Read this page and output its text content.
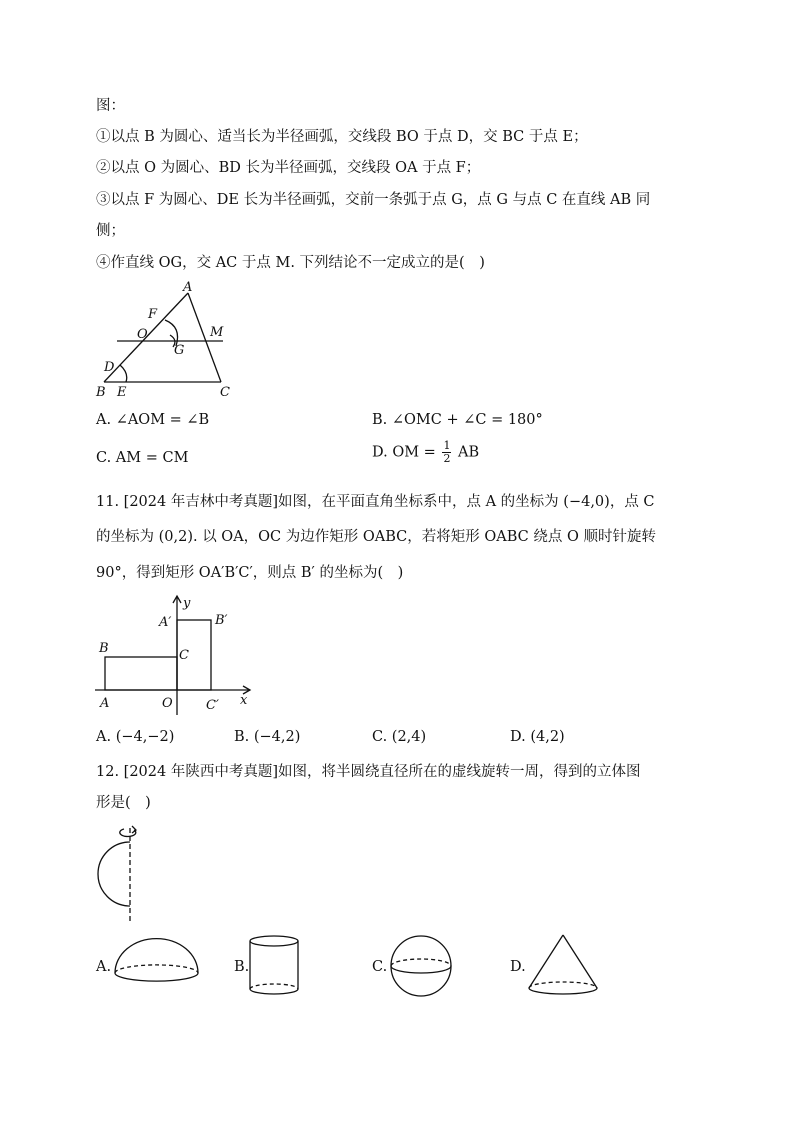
图：
①以点 B 为圆心、适当长为半径画弧，交线段 BO 于点 D，交 BC 于点 E；
②以点 O 为圆心、BD 长为半径画弧，交线段 OA 于点 F；
③以点 F 为圆心、DE 长为半径画弧，交前一条弧于点 G，点 G 与点 C 在直线 AB 同
侧；
④作直线 OG，交 AC 于点 M. 下列结论不一定成立的是(　)
A
F
O	M
G
D
B E	C
A. ∠AOM = ∠B	B. ∠OMC + ∠C = 180°
C. AM = CM	D. OM = $\frac{1}{2}$ AB
11. [2024 年吉林中考真题]如图，在平面直角坐标系中，点 A 的坐标为 (−4,0)，点 C
的坐标为 (0,2). 以 OA，OC 为边作矩形 OABC，若将矩形 OABC 绕点 O 顺时针旋转
90°，得到矩形 OA′B′C′，则点 B′ 的坐标为(　)
y
x
A′	B′
B	C
A	O	C′
A. (−4,−2)	B. (−4,2)	C. (2,4)	D. (4,2)
12. [2024 年陕西中考真题]如图，将半圆绕直径所在的虚线旋转一周，得到的立体图
形是(　)
A.	B.	C.	D.
